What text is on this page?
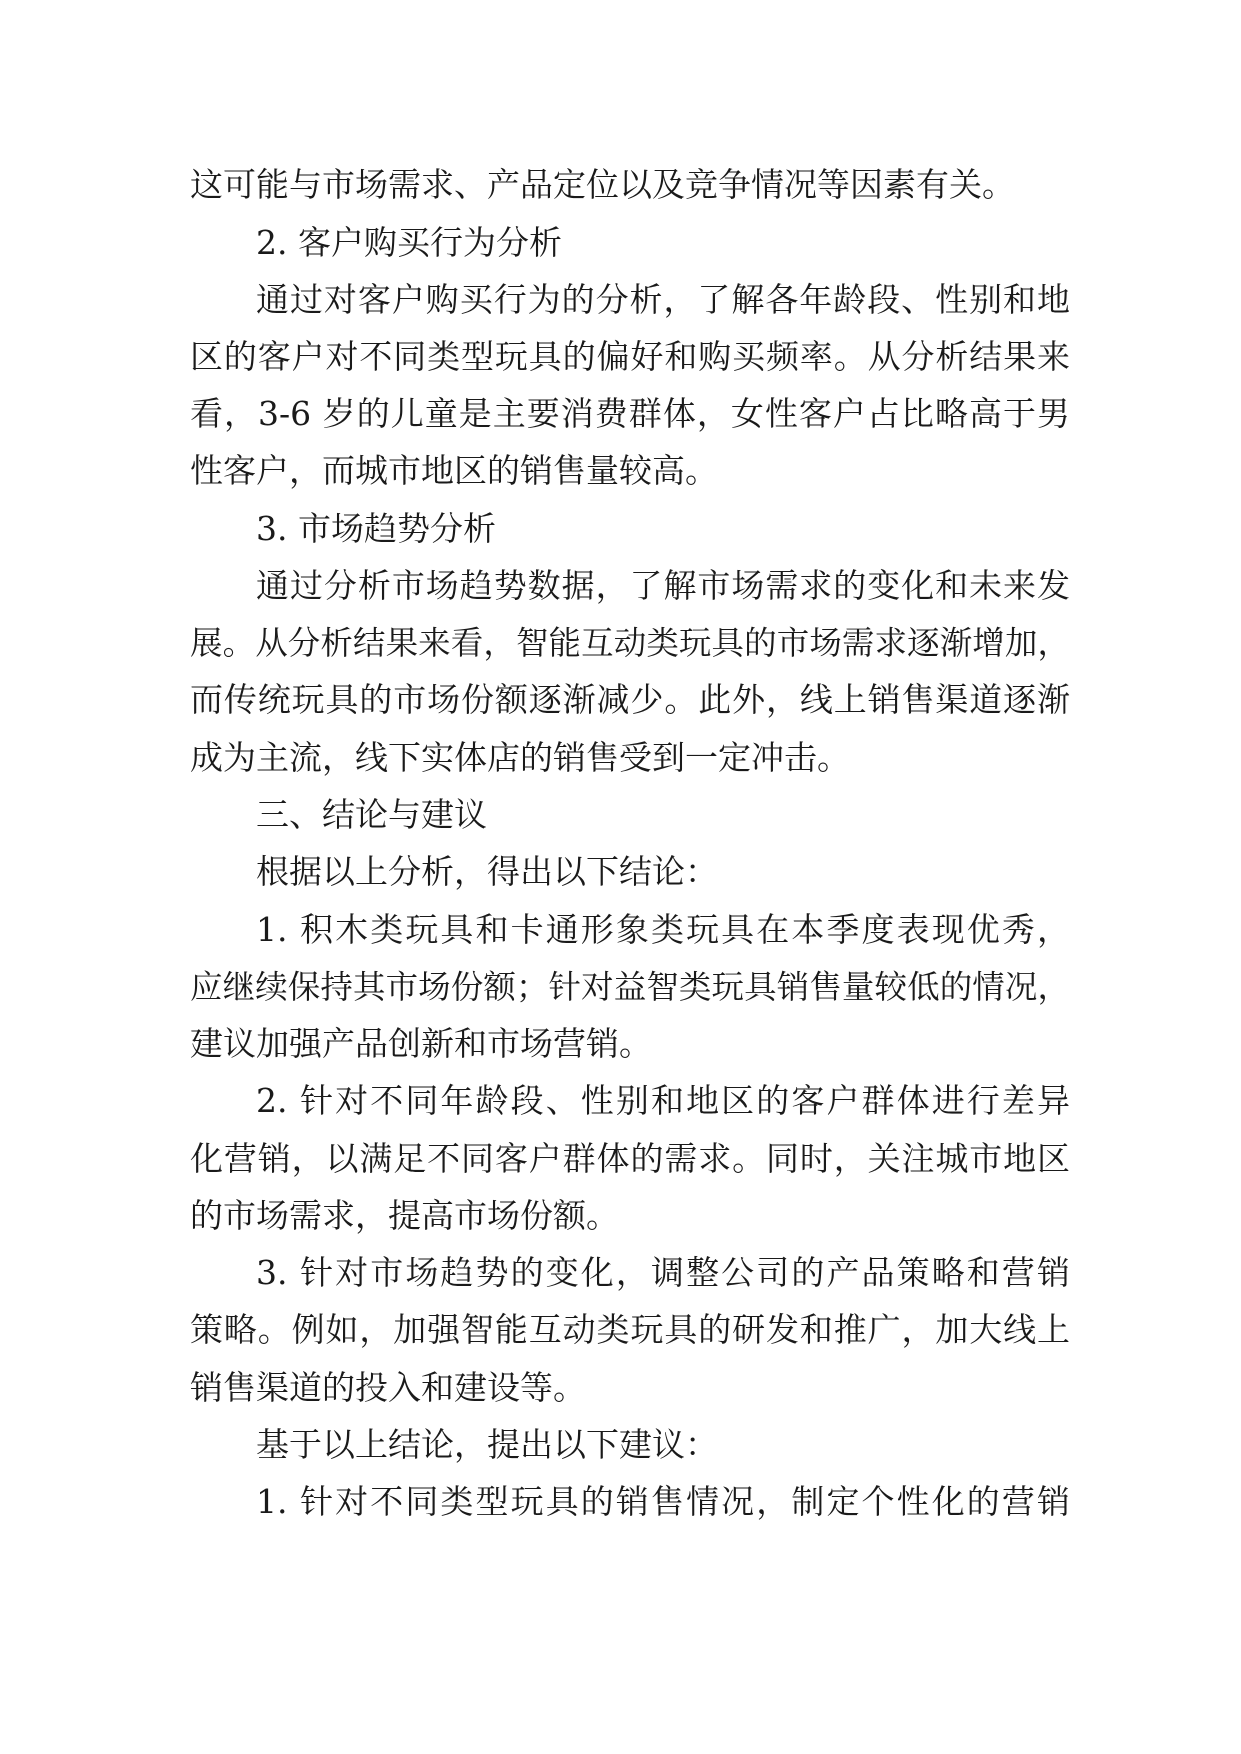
这可能与市场需求、产品定位以及竞争情况等因素有关。
2. 客户购买行为分析
通过对客户购买行为的分析，了解各年龄段、性别和地
区的客户对不同类型玩具的偏好和购买频率。从分析结果来
看，3-6 岁的儿童是主要消费群体，女性客户占比略高于男
性客户，而城市地区的销售量较高。
3. 市场趋势分析
通过分析市场趋势数据，了解市场需求的变化和未来发
展。从分析结果来看，智能互动类玩具的市场需求逐渐增加，
而传统玩具的市场份额逐渐减少。此外，线上销售渠道逐渐
成为主流，线下实体店的销售受到一定冲击。
三、结论与建议
根据以上分析，得出以下结论：
1. 积木类玩具和卡通形象类玩具在本季度表现优秀，
应继续保持其市场份额；针对益智类玩具销售量较低的情况，
建议加强产品创新和市场营销。
2. 针对不同年龄段、性别和地区的客户群体进行差异
化营销，以满足不同客户群体的需求。同时，关注城市地区
的市场需求，提高市场份额。
3. 针对市场趋势的变化，调整公司的产品策略和营销
策略。例如，加强智能互动类玩具的研发和推广，加大线上
销售渠道的投入和建设等。
基于以上结论，提出以下建议：
1. 针对不同类型玩具的销售情况，制定个性化的营销
